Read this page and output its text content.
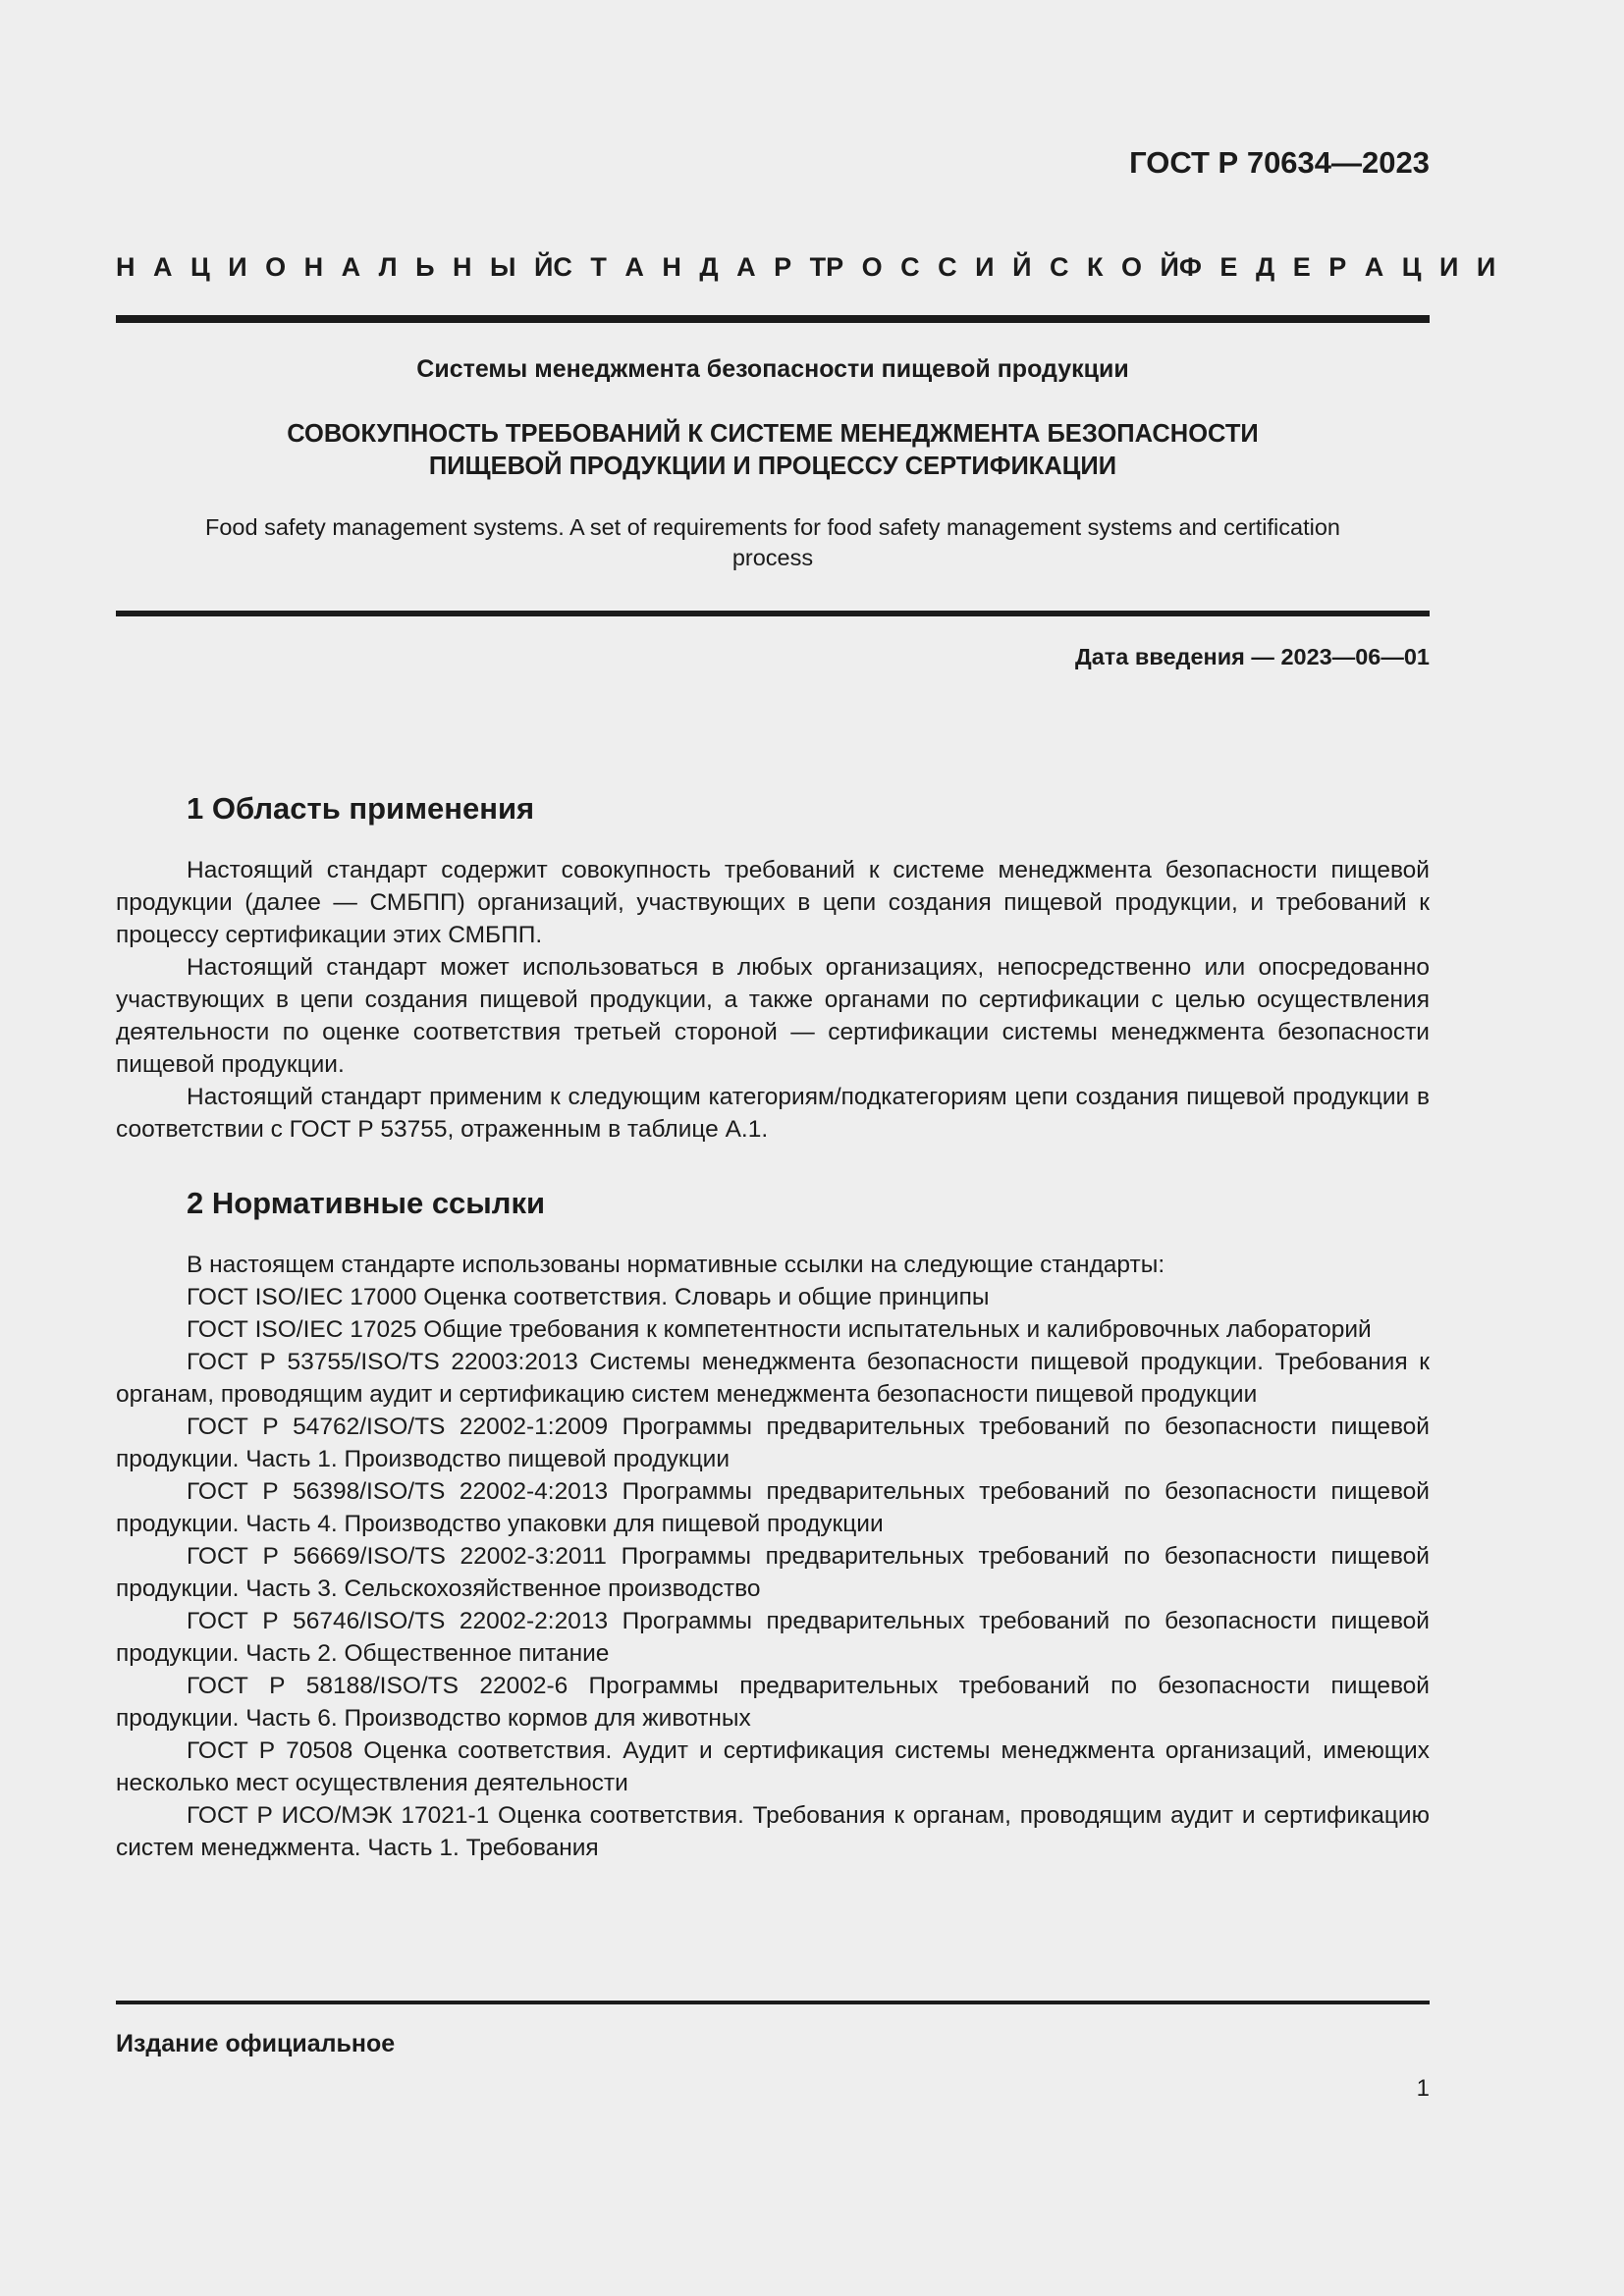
ГОСТ Р 70634—2023
Н А Ц И О Н А Л Ь Н Ы Й С Т А Н Д А Р Т Р О С С И Й С К О Й Ф Е Д Е Р А Ц И И
Системы менеджмента безопасности пищевой продукции
СОВОКУПНОСТЬ ТРЕБОВАНИЙ К СИСТЕМЕ МЕНЕДЖМЕНТА БЕЗОПАСНОСТИ
ПИЩЕВОЙ ПРОДУКЦИИ И ПРОЦЕССУ СЕРТИФИКАЦИИ
Food safety management systems. A set of requirements for food safety management systems and certification process
Дата введения — 2023—06—01
1 Область применения

Настоящий стандарт содержит совокупность требований к системе менеджмента безопасности пищевой продукции (далее — СМБПП) организаций, участвующих в цепи создания пищевой продукции, и требований к процессу сертификации этих СМБПП.

Настоящий стандарт может использоваться в любых организациях, непосредственно или опосредованно участвующих в цепи создания пищевой продукции, а также органами по сертификации с целью осуществления деятельности по оценке соответствия третьей стороной — сертификации системы менеджмента безопасности пищевой продукции.

Настоящий стандарт применим к следующим категориям/подкатегориям цепи создания пищевой продукции в соответствии с ГОСТ Р 53755, отраженным в таблице А.1.

2 Нормативные ссылки

В настоящем стандарте использованы нормативные ссылки на следующие стандарты:

ГОСТ ISO/IEC 17000 Оценка соответствия. Словарь и общие принципы

ГОСТ ISO/IEC 17025 Общие требования к компетентности испытательных и калибровочных лабораторий

ГОСТ Р 53755/ISO/TS 22003:2013 Системы менеджмента безопасности пищевой продукции. Требования к органам, проводящим аудит и сертификацию систем менеджмента безопасности пищевой продукции

ГОСТ Р 54762/ISO/TS 22002-1:2009 Программы предварительных требований по безопасности пищевой продукции. Часть 1. Производство пищевой продукции

ГОСТ Р 56398/ISO/TS 22002-4:2013 Программы предварительных требований по безопасности пищевой продукции. Часть 4. Производство упаковки для пищевой продукции

ГОСТ Р 56669/ISO/TS 22002-3:2011 Программы предварительных требований по безопасности пищевой продукции. Часть 3. Сельскохозяйственное производство

ГОСТ Р 56746/ISO/TS 22002-2:2013 Программы предварительных требований по безопасности пищевой продукции. Часть 2. Общественное питание

ГОСТ Р 58188/ISO/TS 22002-6 Программы предварительных требований по безопасности пищевой продукции. Часть 6. Производство кормов для животных

ГОСТ Р 70508 Оценка соответствия. Аудит и сертификация системы менеджмента организаций, имеющих несколько мест осуществления деятельности

ГОСТ Р ИСО/МЭК 17021-1 Оценка соответствия. Требования к органам, проводящим аудит и сертификацию систем менеджмента. Часть 1. Требования

Издание официальное
1
